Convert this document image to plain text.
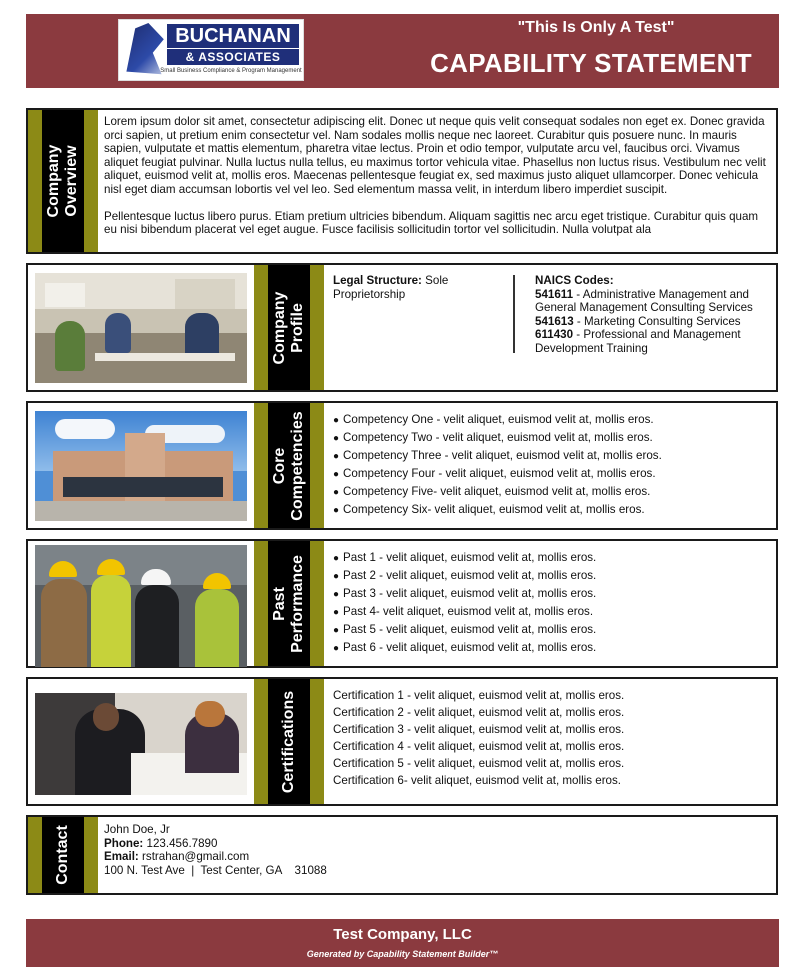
BUCHANAN
& ASSOCIATES
Small Business Compliance & Program Management
"This Is Only A Test"
CAPABILITY STATEMENT
Company Overview

Lorem ipsum dolor sit amet, consectetur adipiscing elit. Donec ut neque quis velit consequat sodales non eget ex. Donec gravida orci sapien, ut pretium enim consectetur vel. Nam sodales mollis neque nec laoreet. Curabitur quis posuere nunc. In mauris sapien, vulputate et mattis elementum, pharetra vitae lectus. Proin et odio tempor, vulputate arcu vel, faucibus orci. Vivamus aliquet feugiat pulvinar. Nulla luctus nulla tellus, eu maximus tortor vehicula vitae. Phasellus non luctus risus. Vestibulum nec velit aliquet, euismod velit at, mollis eros. Maecenas pellentesque feugiat ex, sed maximus justo aliquet ullamcorper. Donec vehicula nisl eget diam accumsan lobortis vel vel leo. Sed elementum massa velit, in interdum libero imperdiet suscipit.

Pellentesque luctus libero purus. Etiam pretium ultricies bibendum. Aliquam sagittis nec arcu eget tristique. Curabitur quis quam eu nisi bibendum placerat vel eget augue. Fusce facilisis sollicitudin tortor vel sollicitudin. Nulla volutpat ala

Company Profile
Legal Structure: Sole Proprietorship
NAICS Codes:
541611 - Administrative Management and General Management Consulting Services
541613 - Marketing Consulting Services
611430 - Professional and Management Development Training
Core Competencies	● Competency One - velit aliquet, euismod velit at, mollis eros.
● Competency Two - velit aliquet, euismod velit at, mollis eros.
● Competency Three - velit aliquet, euismod velit at, mollis eros.
● Competency Four - velit aliquet, euismod velit at, mollis eros.
● Competency Five- velit aliquet, euismod velit at, mollis eros.
● Competency Six- velit aliquet, euismod velit at, mollis eros.
Past Performance	● Past 1 - velit aliquet, euismod velit at, mollis eros.
● Past 2 - velit aliquet, euismod velit at, mollis eros.
● Past 3 - velit aliquet, euismod velit at, mollis eros.
● Past 4- velit aliquet, euismod velit at, mollis eros.
● Past 5 - velit aliquet, euismod velit at, mollis eros.
● Past 6 - velit aliquet, euismod velit at, mollis eros.
Certifications	Certification 1 - velit aliquet, euismod velit at, mollis eros.
Certification 2 - velit aliquet, euismod velit at, mollis eros.
Certification 3 - velit aliquet, euismod velit at, mollis eros.
Certification 4 - velit aliquet, euismod velit at, mollis eros.
Certification 5 - velit aliquet, euismod velit at, mollis eros.
Certification 6- velit aliquet, euismod velit at, mollis eros.
Contact	John Doe, Jr
Phone: 123.456.7890
Email: rstrahan@gmail.com
100 N. Test Ave  |  Test Center, GA    31088
Test Company, LLC
Generated by Capability Statement Builder™
